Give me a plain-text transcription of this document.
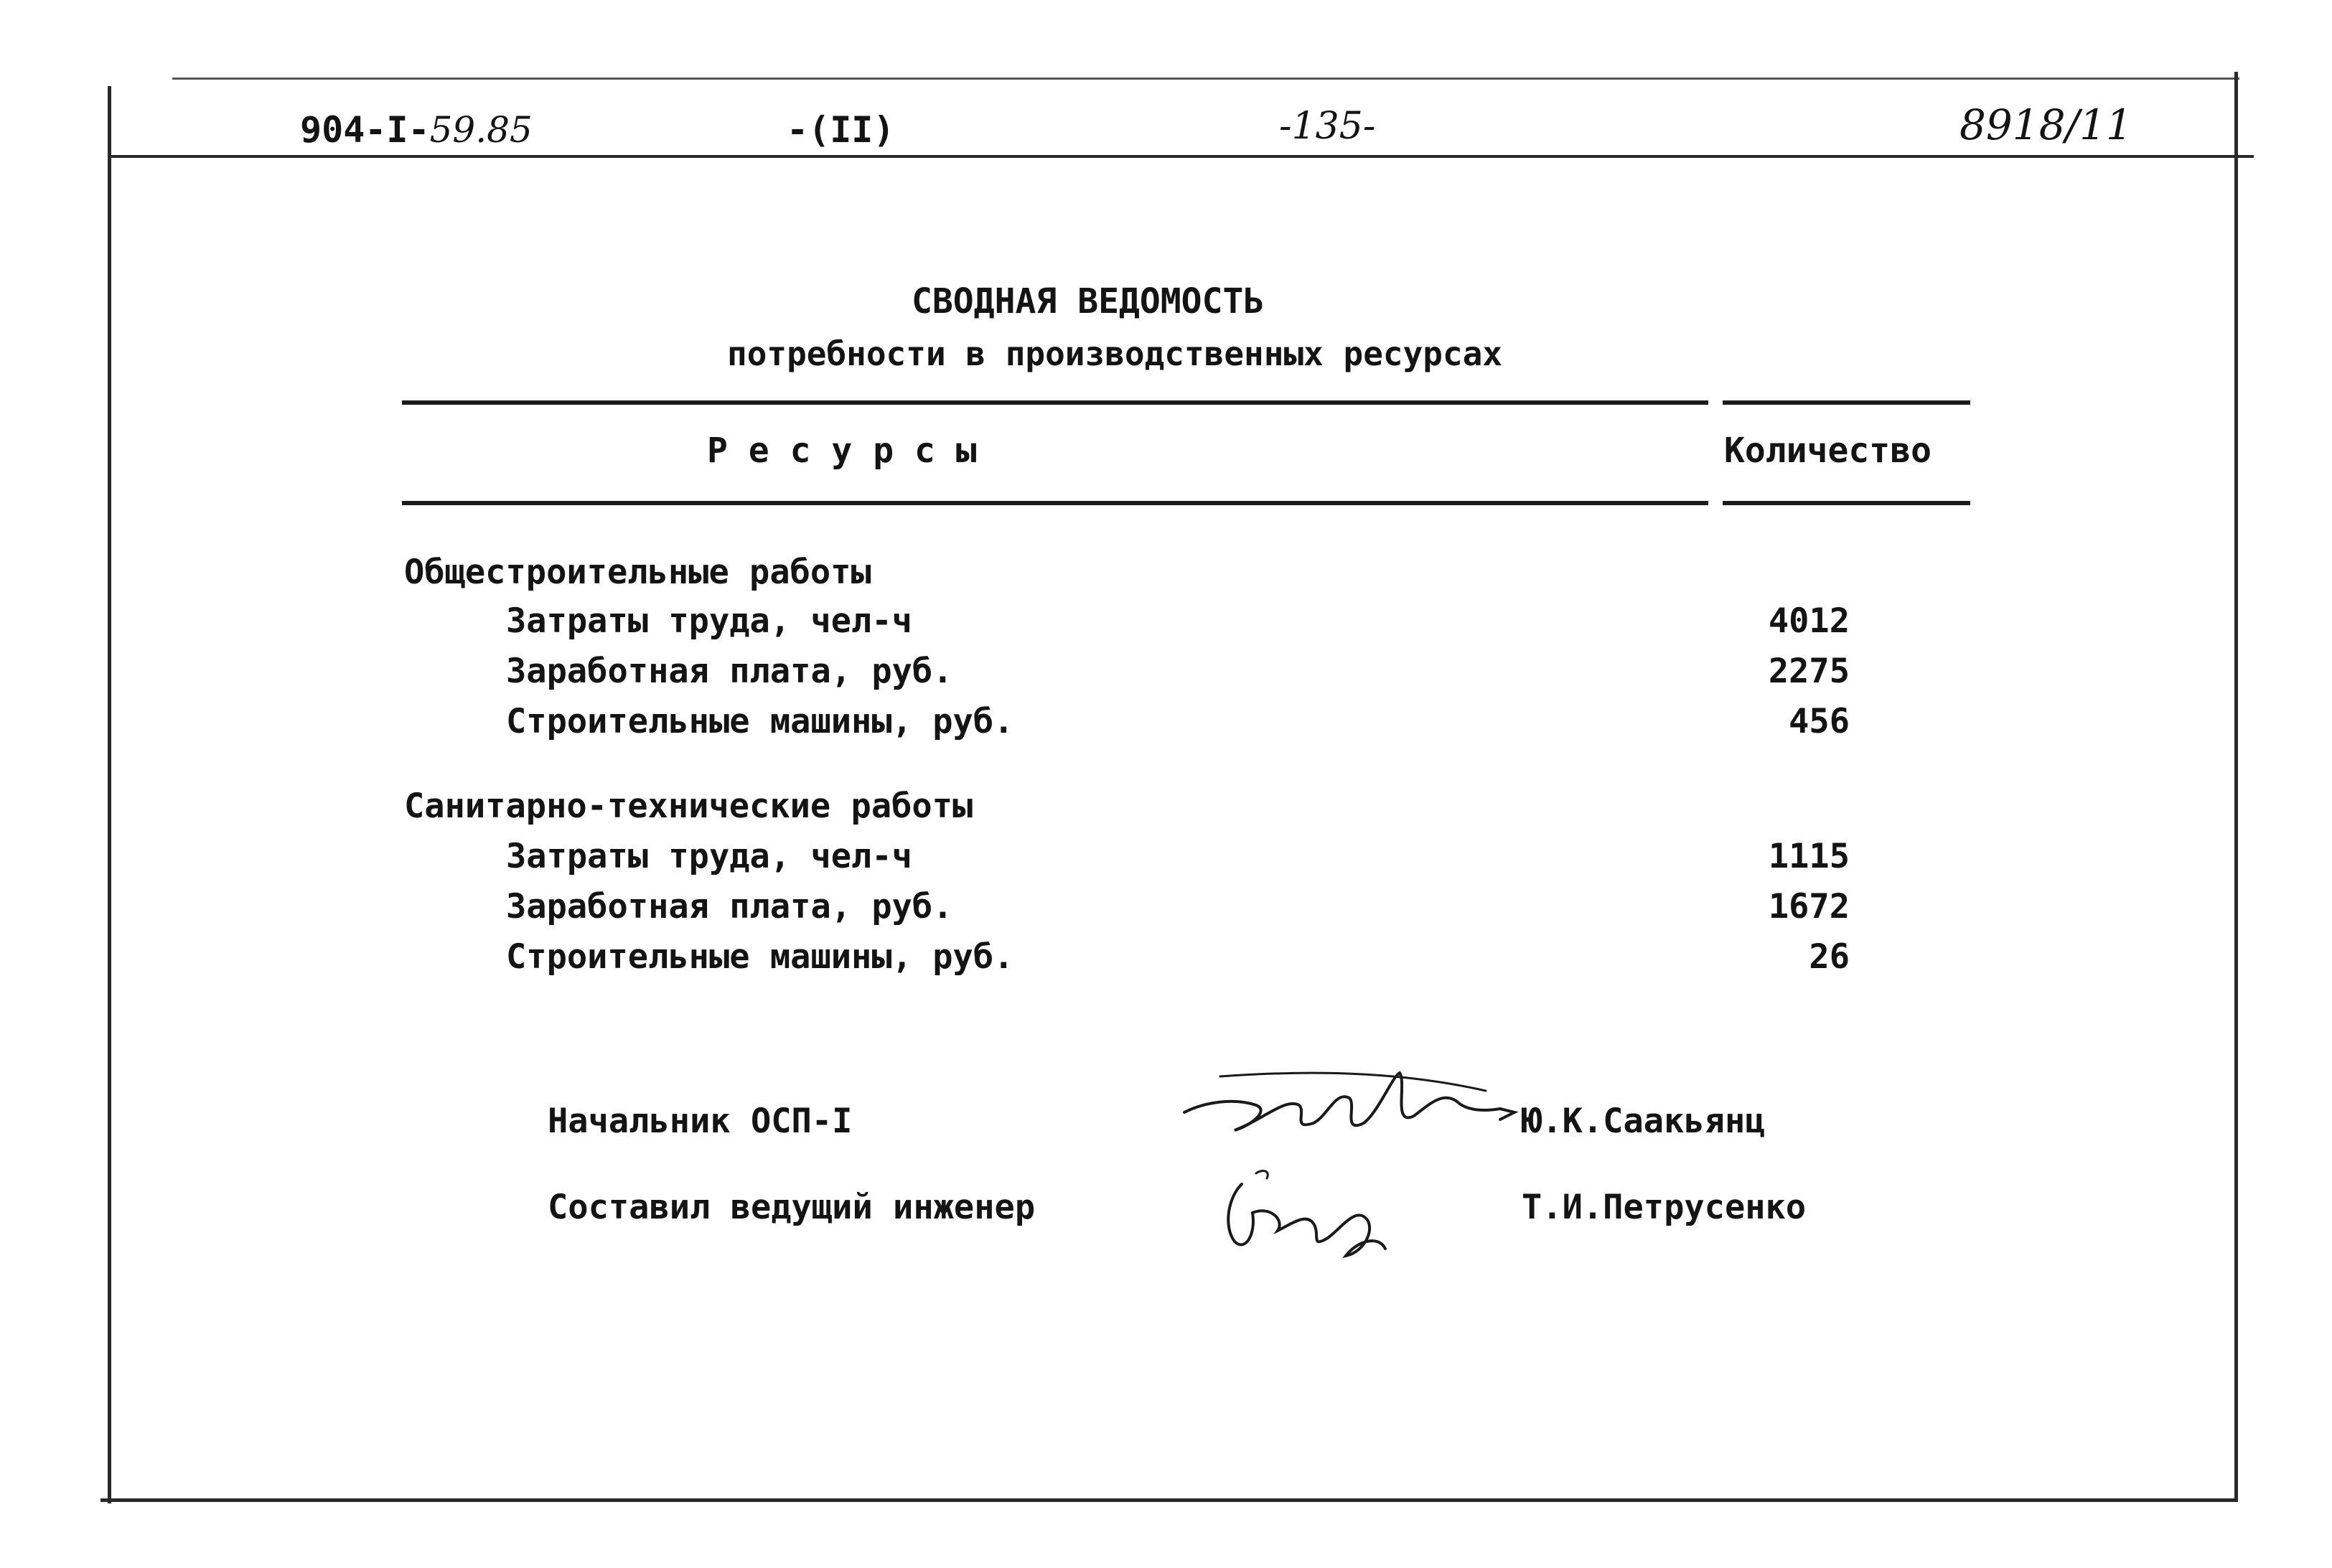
904-I-59.85	-(II)	-135-	8918/11
СВОДНАЯ ВЕДОМОСТЬ
потребности в производственных ресурсах
Р е с у р с ы	Количество
Общестроительные работы
Затраты труда, чел-ч	4012
Заработная плата, руб.	2275
Строительные машины, руб.	456
Санитарно-технические работы
Затраты труда, чел-ч	1115
Заработная плата, руб.	1672
Строительные машины, руб.	26
Начальник ОСП-I	Ю.К.Саакьянц
Составил ведущий инженер	Т.И.Петрусенко
